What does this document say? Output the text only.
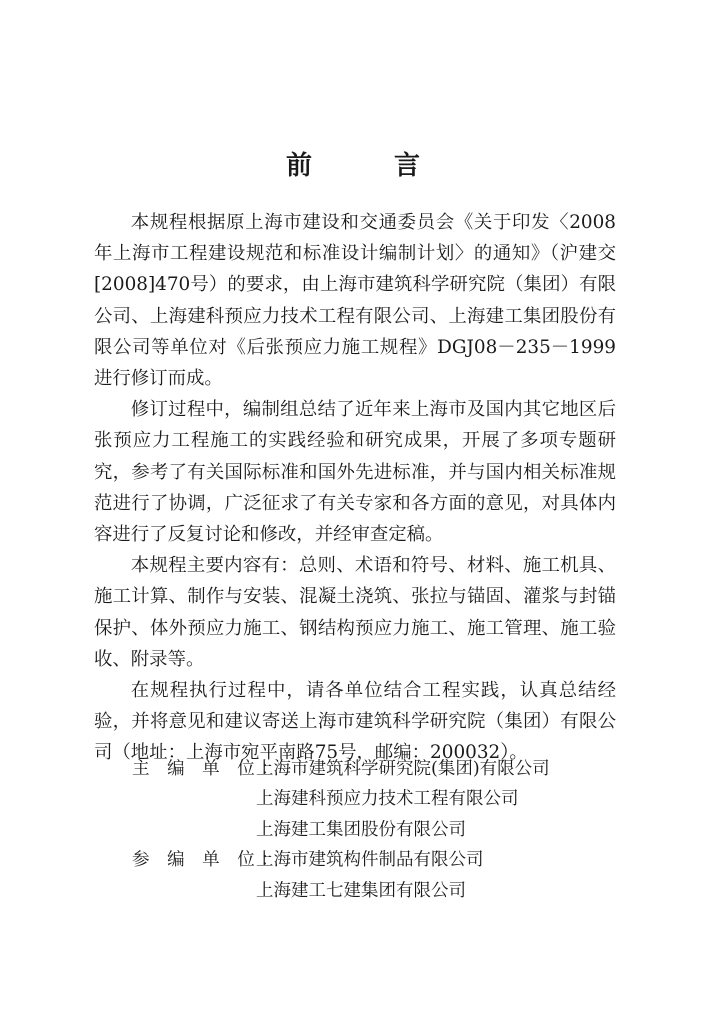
前　言

本规程根据原上海市建设和交通委员会《关于印发〈2008年上海市工程建设规范和标准设计编制计划〉的通知》（沪建交[2008]470号）的要求，由上海市建筑科学研究院（集团）有限公司、上海建科预应力技术工程有限公司、上海建工集团股份有限公司等单位对《后张预应力施工规程》DGJ08－235－1999进行修订而成。

修订过程中，编制组总结了近年来上海市及国内其它地区后张预应力工程施工的实践经验和研究成果，开展了多项专题研究，参考了有关国际标准和国外先进标准，并与国内相关标准规范进行了协调，广泛征求了有关专家和各方面的意见，对具体内容进行了反复讨论和修改，并经审查定稿。

本规程主要内容有：总则、术语和符号、材料、施工机具、施工计算、制作与安装、混凝土浇筑、张拉与锚固、灌浆与封锚保护、体外预应力施工、钢结构预应力施工、施工管理、施工验收、附录等。

在规程执行过程中，请各单位结合工程实践，认真总结经验，并将意见和建议寄送上海市建筑科学研究院（集团）有限公司（地址：上海市宛平南路75号，邮编：200032）。

主 编 单 位：
上海市建筑科学研究院(集团)有限公司
上海建科预应力技术工程有限公司
上海建工集团股份有限公司
参 编 单 位：
上海市建筑构件制品有限公司
上海建工七建集团有限公司
